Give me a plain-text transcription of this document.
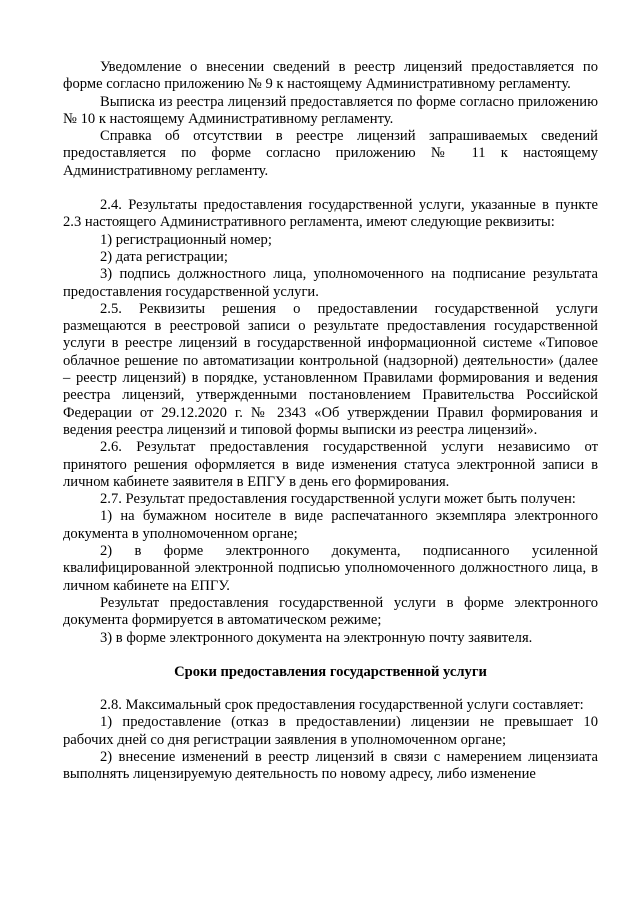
Уведомление о внесении сведений в реестр лицензий предоставляется по форме согласно приложению № 9 к настоящему Административному регламенту.

Выписка из реестра лицензий предоставляется по форме согласно приложению № 10 к настоящему Административному регламенту.

Справка об отсутствии в реестре лицензий запрашиваемых сведений предоставляется по форме согласно приложению № 11 к настоящему Административному регламенту.

2.4. Результаты предоставления государственной услуги, указанные в пункте 2.3 настоящего Административного регламента, имеют следующие реквизиты:

1) регистрационный номер;

2) дата регистрации;

3) подпись должностного лица, уполномоченного на подписание результата предоставления государственной услуги.

2.5. Реквизиты решения о предоставлении государственной услуги размещаются в реестровой записи о результате предоставления государственной услуги в реестре лицензий в государственной информационной системе «Типовое облачное решение по автоматизации контрольной (надзорной) деятельности» (далее – реестр лицензий) в порядке, установленном Правилами формирования и ведения реестра лицензий, утвержденными постановлением Правительства Российской Федерации от 29.12.2020 г. № 2343 «Об утверждении Правил формирования и ведения реестра лицензий и типовой формы выписки из реестра лицензий».

2.6. Результат предоставления государственной услуги независимо от принятого решения оформляется в виде изменения статуса электронной записи в личном кабинете заявителя в ЕПГУ в день его формирования.

2.7. Результат предоставления государственной услуги может быть получен:

1) на бумажном носителе в виде распечатанного экземпляра электронного документа в уполномоченном органе;

2) в форме электронного документа, подписанного усиленной квалифицированной электронной подписью уполномоченного должностного лица, в личном кабинете на ЕПГУ.

Результат предоставления государственной услуги в форме электронного документа формируется в автоматическом режиме;

3) в форме электронного документа на электронную почту заявителя.

Сроки предоставления государственной услуги

2.8. Максимальный срок предоставления государственной услуги составляет:

1) предоставление (отказ в предоставлении) лицензии не превышает 10 рабочих дней со дня регистрации заявления в уполномоченном органе;

2) внесение изменений в реестр лицензий в связи с намерением лицензиата выполнять лицензируемую деятельность по новому адресу, либо изменение
